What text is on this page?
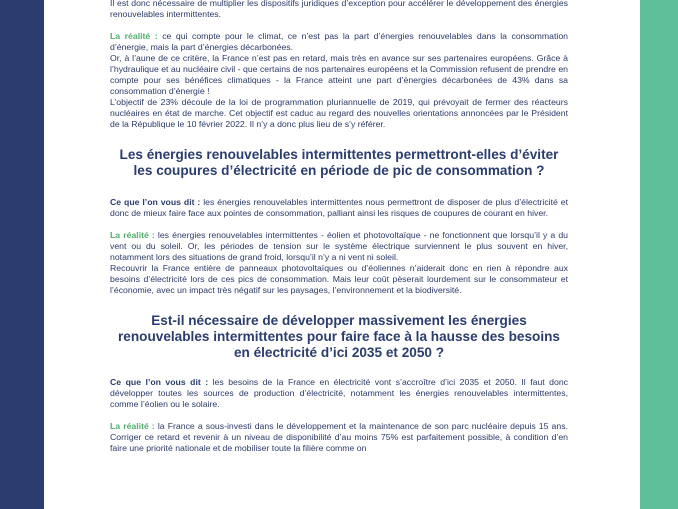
Il est donc nécessaire de multiplier les dispositifs juridiques d’exception pour accélérer le développement des énergies renouvelables intermittentes.

La réalité : ce qui compte pour le climat, ce n’est pas la part d’énergies renouvelables dans la consommation d’énergie, mais la part d’énergies décarbonées.

Or, à l’aune de ce critère, la France n’est pas en retard, mais très en avance sur ses partenaires européens. Grâce à l’hydraulique et au nucléaire civil - que certains de nos partenaires européens et la Commission refusent de prendre en compte pour ses bénéfices climatiques - la France atteint une part d’énergies décarbonées de 43% dans sa consommation d’énergie !

L’objectif de 23% découle de la loi de programmation pluriannuelle de 2019, qui prévoyait de fermer des réacteurs nucléaires en état de marche. Cet objectif est caduc au regard des nouvelles orientations annoncées par le Président de la République le 10 février 2022. Il n’y a donc plus lieu de s’y référer.

Les énergies renouvelables intermittentes permettront-elles d’éviter les coupures d’électricité en période de pic de consommation ?

Ce que l’on vous dit : les énergies renouvelables intermittentes nous permettront de disposer de plus d’électricité et donc de mieux faire face aux pointes de consommation, palliant ainsi les risques de coupures de courant en hiver.

La réalité : les énergies renouvelables intermittentes - éolien et photovoltaïque - ne fonctionnent que lorsqu’il y a du vent ou du soleil. Or, les périodes de tension sur le système électrique surviennent le plus souvent en hiver, notamment lors des situations de grand froid, lorsqu’il n’y a ni vent ni soleil.

Recouvrir la France entière de panneaux photovoltaïques ou d’éoliennes n’aiderait donc en rien à répondre aux besoins d’électricité lors de ces pics de consommation. Mais leur coût pèserait lourdement sur le consommateur et l’économie, avec un impact très négatif sur les paysages, l’environnement et la biodiversité.

Est-il nécessaire de développer massivement les énergies renouvelables intermittentes pour faire face à la hausse des besoins en électricité d’ici 2035 et 2050 ?

Ce que l’on vous dit : les besoins de la France en électricité vont s’accroître d’ici 2035 et 2050. Il faut donc développer toutes les sources de production d’électricité, notamment les énergies renouvelables intermittentes, comme l’éolien ou le solaire.

La réalité : la France a sous-investi dans le développement et la maintenance de son parc nucléaire depuis 15 ans. Corriger ce retard et revenir à un niveau de disponibilité d’au moins 75% est parfaitement possible, à condition d’en faire une priorité nationale et de mobiliser toute la filière comme on
